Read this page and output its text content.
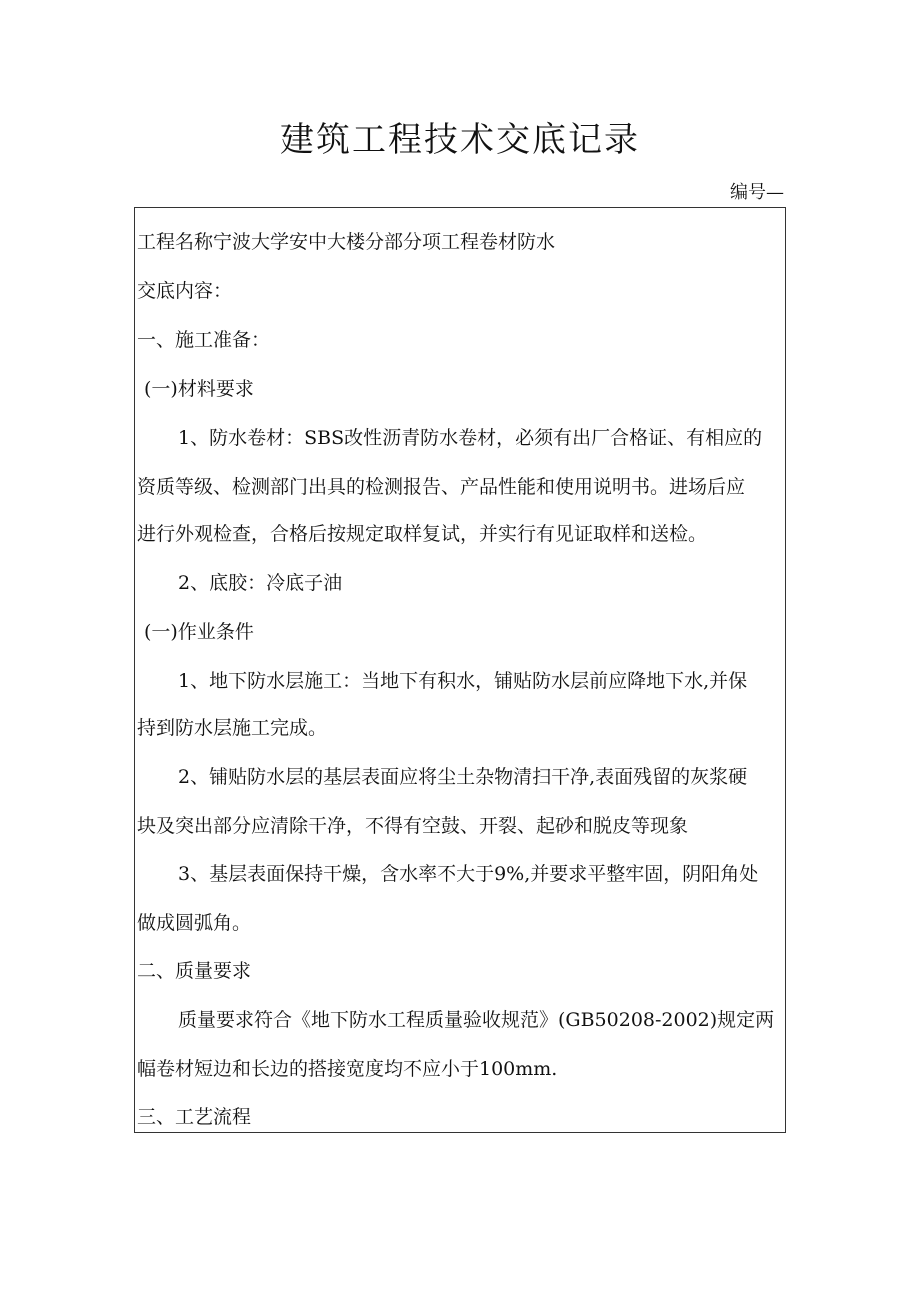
建筑工程技术交底记录
编号—
工程名称宁波大学安中大楼分部分项工程卷材防水
交底内容：
一、施工准备：
(一)材料要求
1、防水卷材：SBS改性沥青防水卷材，必须有出厂合格证、有相应的
资质等级、检测部门出具的检测报告、产品性能和使用说明书。进场后应
进行外观检查，合格后按规定取样复试，并实行有见证取样和送检。
2、底胶：冷底子油
(一)作业条件
1、地下防水层施工：当地下有积水，铺贴防水层前应降地下水,并保
持到防水层施工完成。
2、铺贴防水层的基层表面应将尘土杂物清扫干净,表面残留的灰浆硬
块及突出部分应清除干净，不得有空鼓、开裂、起砂和脱皮等现象
3、基层表面保持干燥，含水率不大于9%,并要求平整牢固，阴阳角处
做成圆弧角。
二、质量要求
质量要求符合《地下防水工程质量验收规范》(GB50208-2002)规定两
幅卷材短边和长边的搭接宽度均不应小于100mm.
三、工艺流程
